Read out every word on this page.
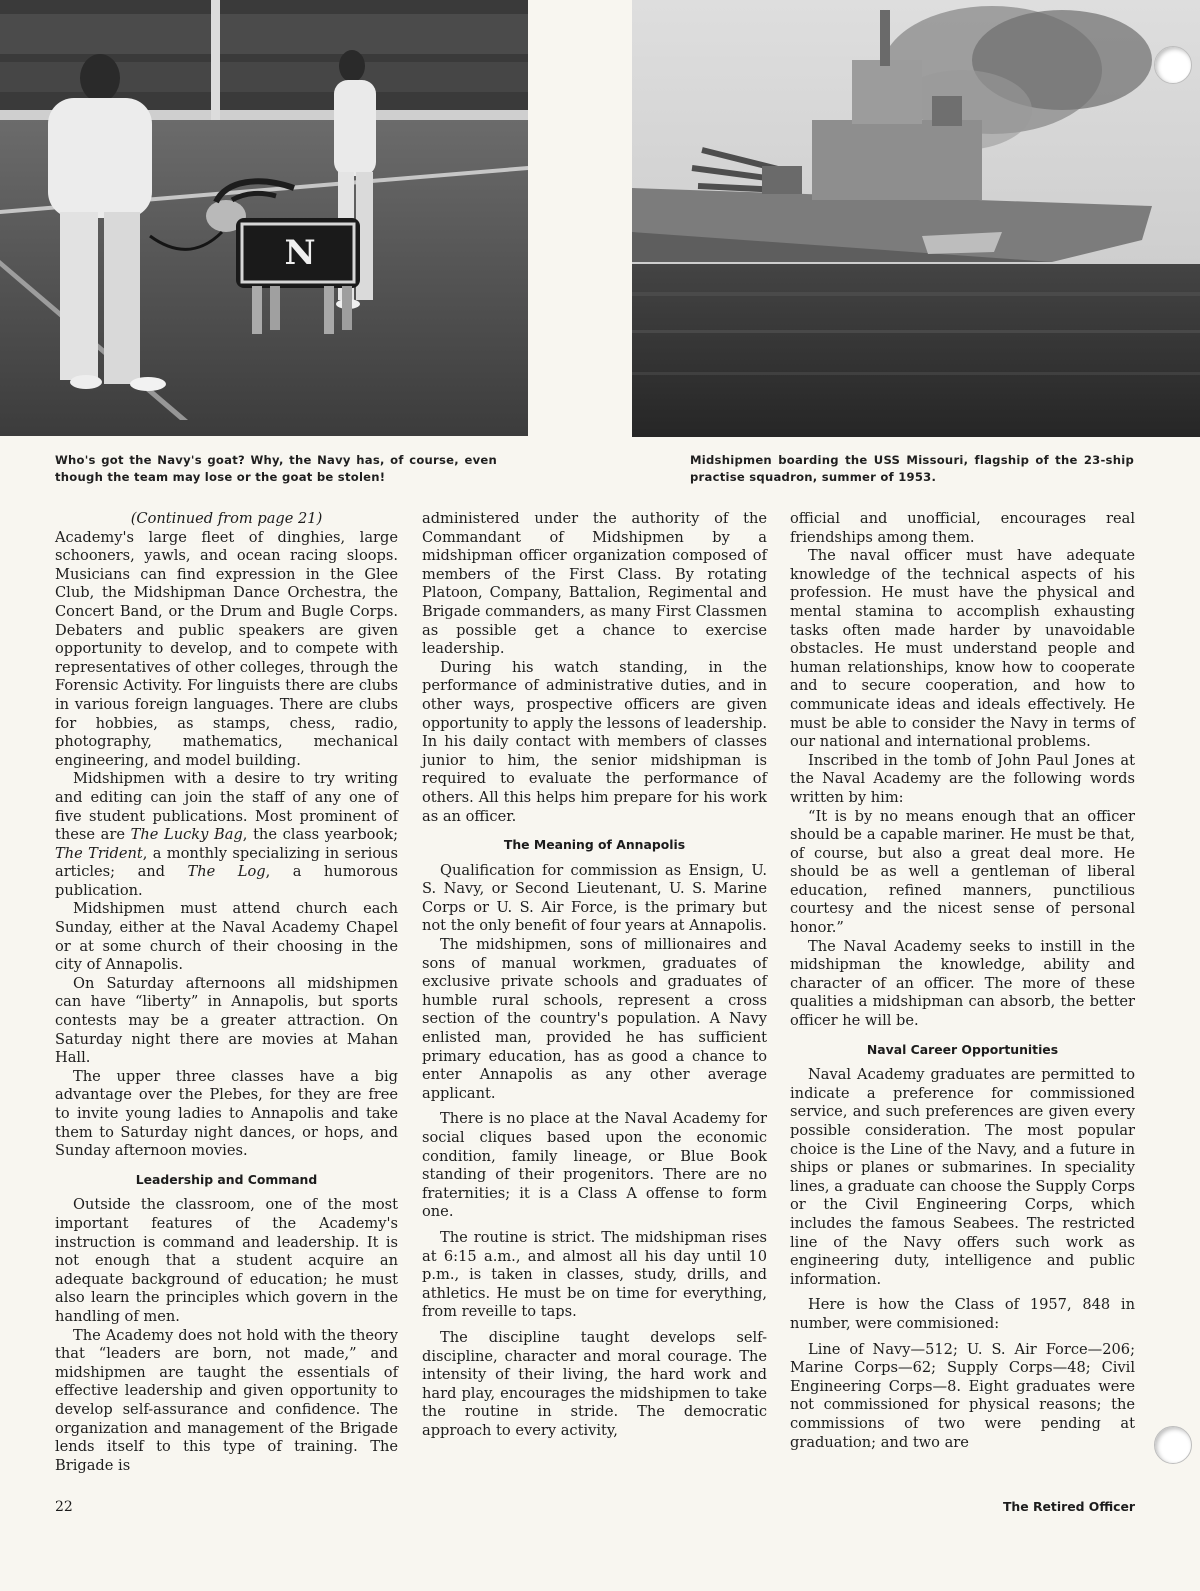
N
Who's got the Navy's goat? Why, the Navy has, of course, even though the team may lose or the goat be stolen!
Midshipmen boarding the USS Missouri, flagship of the 23-ship practise squadron, summer of 1953.

(Continued from page 21)

Academy's large fleet of dinghies, large schooners, yawls, and ocean racing sloops. Musicians can find expression in the Glee Club, the Midshipman Dance Orchestra, the Concert Band, or the Drum and Bugle Corps. Debaters and public speakers are given opportunity to develop, and to compete with representatives of other colleges, through the Forensic Activity. For linguists there are clubs in various foreign languages. There are clubs for hobbies, as stamps, chess, radio, photography, mathematics, mechanical engineering, and model building.

Midshipmen with a desire to try writing and editing can join the staff of any one of five student publications. Most prominent of these are The Lucky Bag, the class yearbook; The Trident, a monthly specializing in serious articles; and The Log, a humorous publication.

Midshipmen must attend church each Sunday, either at the Naval Academy Chapel or at some church of their choosing in the city of Annapolis.

On Saturday afternoons all midshipmen can have “liberty” in Annapolis, but sports contests may be a greater attraction. On Saturday night there are movies at Mahan Hall.

The upper three classes have a big advantage over the Plebes, for they are free to invite young ladies to Annapolis and take them to Saturday night dances, or hops, and Sunday afternoon movies.

Leadership and Command

Outside the classroom, one of the most important features of the Academy's instruction is command and leadership. It is not enough that a student acquire an adequate background of education; he must also learn the principles which govern in the handling of men.

The Academy does not hold with the theory that “leaders are born, not made,” and midshipmen are taught the essentials of effective leadership and given opportunity to develop self-assurance and confidence. The organization and management of the Brigade lends itself to this type of training. The Brigade is

administered under the authority of the Commandant of Midshipmen by a midshipman officer organization composed of members of the First Class. By rotating Platoon, Company, Battalion, Regimental and Brigade commanders, as many First Classmen as possible get a chance to exercise leadership.

During his watch standing, in the performance of administrative duties, and in other ways, prospective officers are given opportunity to apply the lessons of leadership. In his daily contact with members of classes junior to him, the senior midshipman is required to evaluate the performance of others. All this helps him prepare for his work as an officer.

The Meaning of Annapolis

Qualification for commission as Ensign, U. S. Navy, or Second Lieutenant, U. S. Marine Corps or U. S. Air Force, is the primary but not the only benefit of four years at Annapolis.

The midshipmen, sons of millionaires and sons of manual workmen, graduates of exclusive private schools and graduates of humble rural schools, represent a cross section of the country's population. A Navy enlisted man, provided he has sufficient primary education, has as good a chance to enter Annapolis as any other average applicant.

There is no place at the Naval Academy for social cliques based upon the economic condition, family lineage, or Blue Book standing of their progenitors. There are no fraternities; it is a Class A offense to form one.

The routine is strict. The midshipman rises at 6:15 a.m., and almost all his day until 10 p.m., is taken in classes, study, drills, and athletics. He must be on time for everything, from reveille to taps.

The discipline taught develops self-discipline, character and moral courage. The intensity of their living, the hard work and hard play, encourages the midshipmen to take the routine in stride. The democratic approach to every activity,

official and unofficial, encourages real friendships among them.

The naval officer must have adequate knowledge of the technical aspects of his profession. He must have the physical and mental stamina to accomplish exhausting tasks often made harder by unavoidable obstacles. He must understand people and human relationships, know how to cooperate and to secure cooperation, and how to communicate ideas and ideals effectively. He must be able to consider the Navy in terms of our national and international problems.

Inscribed in the tomb of John Paul Jones at the Naval Academy are the following words written by him:

“It is by no means enough that an officer should be a capable mariner. He must be that, of course, but also a great deal more. He should be as well a gentleman of liberal education, refined manners, punctilious courtesy and the nicest sense of personal honor.”

The Naval Academy seeks to instill in the midshipman the knowledge, ability and character of an officer. The more of these qualities a midshipman can absorb, the better officer he will be.

Naval Career Opportunities

Naval Academy graduates are permitted to indicate a preference for commissioned service, and such preferences are given every possible consideration. The most popular choice is the Line of the Navy, and a future in ships or planes or submarines. In speciality lines, a graduate can choose the Supply Corps or the Civil Engineering Corps, which includes the famous Seabees. The restricted line of the Navy offers such work as engineering duty, intelligence and public information.

Here is how the Class of 1957, 848 in number, were commisioned:

Line of Navy—512; U. S. Air Force—206; Marine Corps—62; Supply Corps—48; Civil Engineering Corps—8. Eight graduates were not commissioned for physical reasons; the commissions of two were pending at graduation; and two are

22	The Retired Officer
